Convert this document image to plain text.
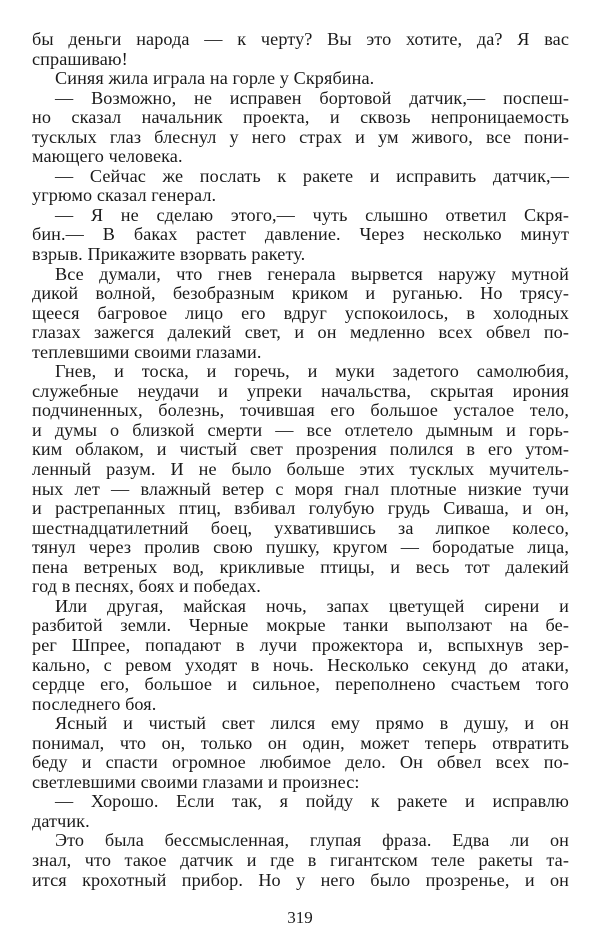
бы деньги народа — к черту? Вы это хотите, да? Я вас
спрашиваю!
Синяя жила играла на горле у Скрябина.
— Возможно, не исправен бортовой датчик,— поспеш-
но сказал начальник проекта, и сквозь непроницаемость
тусклых глаз блеснул у него страх и ум живого, все пони-
мающего человека.
— Сейчас же послать к ракете и исправить датчик,—
угрюмо сказал генерал.
— Я не сделаю этого,— чуть слышно ответил Скря-
бин.— В баках растет давление. Через несколько минут
взрыв. Прикажите взорвать ракету.
Все думали, что гнев генерала вырвется наружу мутной
дикой волной, безобразным криком и руганью. Но трясу-
щееся багровое лицо его вдруг успокоилось, в холодных
глазах зажегся далекий свет, и он медленно всех обвел по-
теплевшими своими глазами.
Гнев, и тоска, и горечь, и муки задетого самолюбия,
служебные неудачи и упреки начальства, скрытая ирония
подчиненных, болезнь, точившая его большое усталое тело,
и думы о близкой смерти — все отлетело дымным и горь-
ким облаком, и чистый свет прозрения полился в его утом-
ленный разум. И не было больше этих тусклых мучитель-
ных лет — влажный ветер с моря гнал плотные низкие тучи
и растрепанных птиц, взбивал голубую грудь Сиваша, и он,
шестнадцатилетний боец, ухватившись за липкое колесо,
тянул через пролив свою пушку, кругом — бородатые лица,
пена ветреных вод, крикливые птицы, и весь тот далекий
год в песнях, боях и победах.
Или другая, майская ночь, запах цветущей сирени и
разбитой земли. Черные мокрые танки выползают на бе-
рег Шпрее, попадают в лучи прожектора и, вспыхнув зер-
кально, с ревом уходят в ночь. Несколько секунд до атаки,
сердце его, большое и сильное, переполнено счастьем того
последнего боя.
Ясный и чистый свет лился ему прямо в душу, и он
понимал, что он, только он один, может теперь отвратить
беду и спасти огромное любимое дело. Он обвел всех по-
светлевшими своими глазами и произнес:
— Хорошо. Если так, я пойду к ракете и исправлю
датчик.
Это была бессмысленная, глупая фраза. Едва ли он
знал, что такое датчик и где в гигантском теле ракеты та-
ится крохотный прибор. Но у него было прозренье, и он
319
